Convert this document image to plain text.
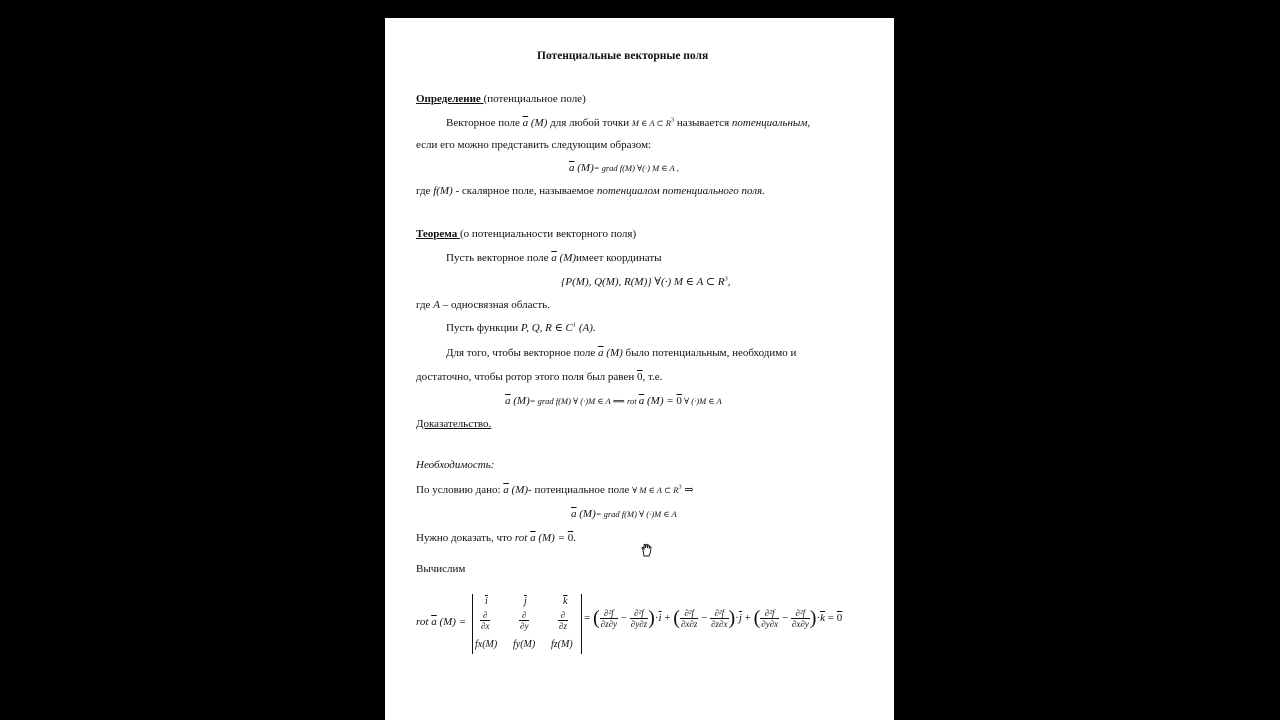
Потенциальные векторные поля
Определение (потенциальное поле)
Векторное поле $\overline{a}$ (M) для любой точки M ∈ A ⊂ $R^3$ называется потенциальным,
если его можно представить следующим образом:
$\overline{a}$ (M)= grad f(M) ∀(·) M ∈ A ,
где f(M) - скалярное поле, называемое потенциалом потенциального поля.
Теорема (о потенциальности векторного поля)
Пусть векторное поле $\overline{a}$ (M)имеет координаты
{P(M), Q(M), R(M)} ∀(·) M ∈ A ⊂ $R^3$,
где A – односвязная область.
Пусть функции P, Q, R ∈ $C^1$ (A).
Для того, чтобы векторное поле $\overline{a}$ (M) было потенциальным, необходимо и
достаточно, чтобы ротор этого поля был равен 0, т.е.
$\overline{a}$ (M)= grad f(M) ∀ (·)M ∈ A ⟺ rot $\overline{a}$ (M) = 0 ∀ (·)M ∈ A
Доказательство.
Необходимость:
По условию дано: $\overline{a}$ (M)- потенциальное поле ∀ M ∈ A ⊂ $R^3$ ⇒
$\overline{a}$ (M)= grad f(M) ∀ (·)M ∈ A
Нужно доказать, что rot $\overline{a}$ (M) = 0.
Вычислим
rot $\overline{a}$ (M) =
$\overline{i}$	$\overline{j}$	$\overline{k}$
$\frac{\partial}{\partial x}$	$\frac{\partial}{\partial y}$	$\frac{\partial}{\partial z}$
fx(M) fy(M) fz(M)
= ( $\frac{\text{∂²f}}{\partial z\partial y} - \frac{\text{∂²f}}{\partial y\partial z} )\cdot\overline{i}$ + ( $\frac{\text{∂²f}}{\partial x\partial z} - \frac{\text{∂²f}}{\partial z\partial x} )\cdot\overline{j}$ + ( $\frac{\text{∂²f}}{\partial y\partial x} - \frac{\text{∂²f}}{\partial x\partial y} )\cdot\overline{k} = 0$
